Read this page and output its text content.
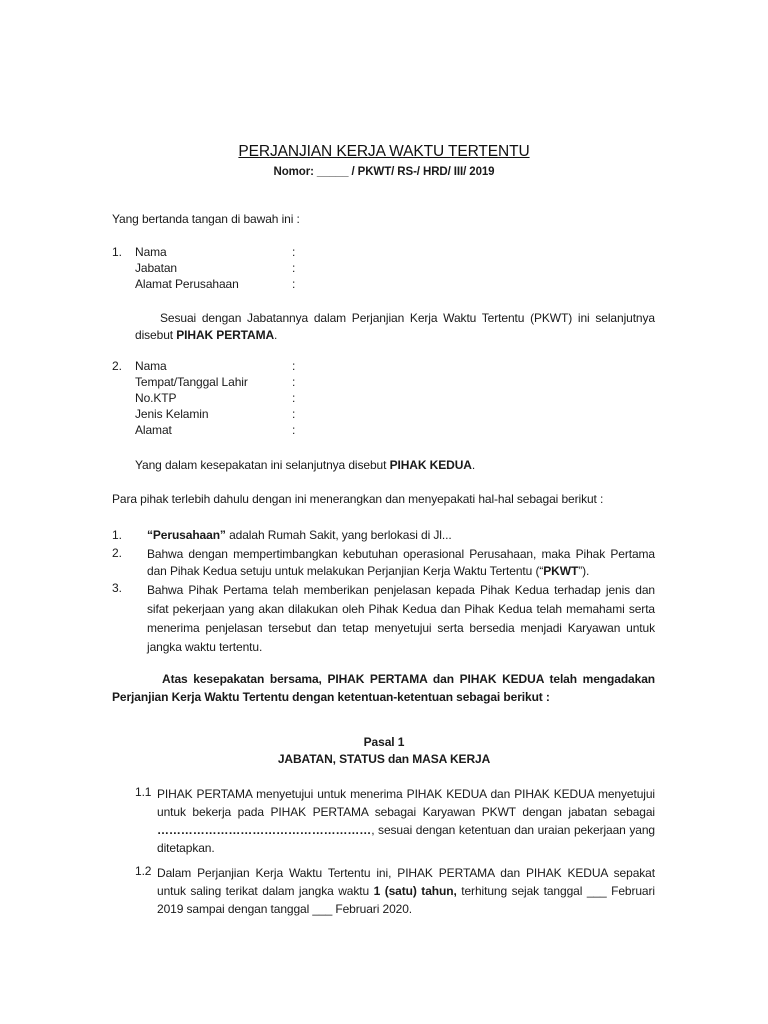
PERJANJIAN KERJA WAKTU TERTENTU
Nomor: _____ / PKWT/ RS-/ HRD/ III/ 2019
Yang bertanda tangan di bawah ini :
1. Nama
Jabatan
Alamat Perusahaan
:
:
:
Sesuai dengan Jabatannya dalam Perjanjian Kerja Waktu Tertentu (PKWT) ini selanjutnya disebut PIHAK PERTAMA.
2. Nama
Tempat/Tanggal Lahir
No.KTP
Jenis Kelamin
Alamat
:
:
:
:
:
Yang dalam kesepakatan ini selanjutnya disebut PIHAK KEDUA.
Para pihak terlebih dahulu dengan ini menerangkan dan menyepakati hal-hal sebagai berikut :
1. “Perusahaan” adalah Rumah Sakit, yang berlokasi di Jl...
2. Bahwa dengan mempertimbangkan kebutuhan operasional Perusahaan, maka Pihak Pertama dan Pihak Kedua setuju untuk melakukan Perjanjian Kerja Waktu Tertentu (“PKWT”).
3. Bahwa Pihak Pertama telah memberikan penjelasan kepada Pihak Kedua terhadap jenis dan sifat pekerjaan yang akan dilakukan oleh Pihak Kedua dan Pihak Kedua telah memahami serta menerima penjelasan tersebut dan tetap menyetujui serta bersedia menjadi Karyawan untuk jangka waktu tertentu.
Atas kesepakatan bersama, PIHAK PERTAMA dan PIHAK KEDUA telah mengadakan Perjanjian Kerja Waktu Tertentu dengan ketentuan-ketentuan sebagai berikut :
Pasal 1
JABATAN, STATUS dan MASA KERJA
1.1 PIHAK PERTAMA menyetujui untuk menerima PIHAK KEDUA dan PIHAK KEDUA menyetujui untuk bekerja pada PIHAK PERTAMA sebagai Karyawan PKWT dengan jabatan sebagai ………………………………………………, sesuai dengan ketentuan dan uraian pekerjaan yang ditetapkan.
1.2 Dalam Perjanjian Kerja Waktu Tertentu ini, PIHAK PERTAMA dan PIHAK KEDUA sepakat untuk saling terikat dalam jangka waktu 1 (satu) tahun, terhitung sejak tanggal ___ Februari 2019 sampai dengan tanggal ___ Februari 2020.
